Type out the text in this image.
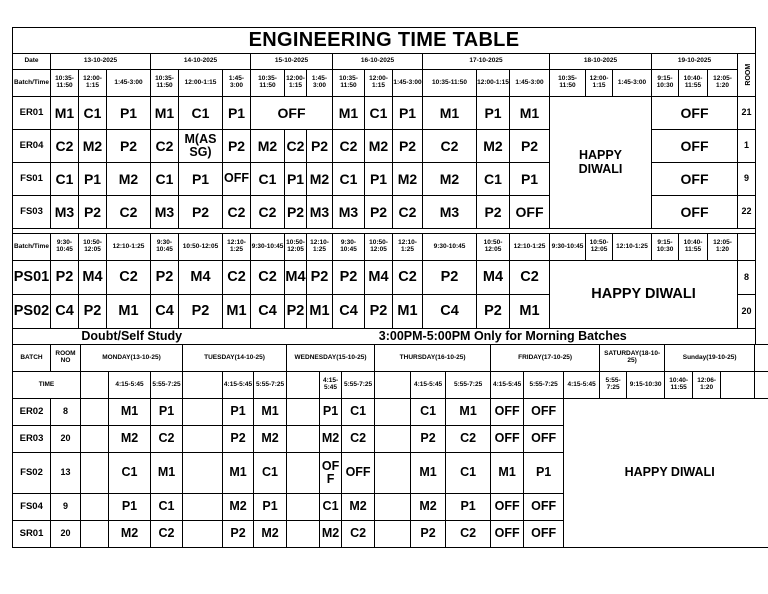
ENGINEERING TIME TABLE																						
Date	13-10-2025			14-10-2025			15-10-2025			16-10-2025			17-10-2025			18-10-2025			19-10-2025			ROOM
Batch/Time	10:35-11:50	12:00-1:15	1:45-3:00	10:35-11:50	12:00-1:15	1:45-3:00	10:35-11:50	12:00-1:15	1:45-3:00	10:35-11:50	12:00-1:15	1:45-3:00	10:35-11:50	12:00-1:15	1:45-3:00	10:35-11:50	12:00-1:15	1:45-3:00	9:15-10:30	10:40-11:55	12:05-1:20	
ER01	M1	C1	P1	M1	C1	P1	OFF			M1	C1	P1	M1	P1	M1	HAPPY DIWALI			OFF			21
ER04	C2	M2	P2	C2	M(AS SG)	P2	M2	C2	P2	C2	M2	P2	C2	M2	P2				OFF			1
FS01	C1	P1	M2	C1	P1	OFF	C1	P1	M2	C1	P1	M2	M2	C1	P1				OFF			9
FS03	M3	P2	C2	M3	P2	C2	C2	P2	M3	M3	P2	C2	M3	P2	OFF				OFF			22

Batch/Time	9:30-10:45	10:50-12:05	12:10-1:25	9:30-10:45	10:50-12:05	12:10-1:25	9:30-10:45	10:50-12:05	12:10-1:25	9:30-10:45	10:50-12:05	12:10-1:25	9:30-10:45	10:50-12:05	12:10-1:25	9:30-10:45	10:50-12:05	12:10-1:25	9:15-10:30	10:40-11:55	12:05-1:20	
PS01	P2	M4	C2	P2	M4	C2	C2	M4	P2	P2	M4	C2	P2	M4	C2	HAPPY DIWALI						8
PS02	C4	P2	M1	C4	P2	M1	C4	P2	M1	C4	P2	M1	C4	P2	M1							20
Doubt/Self Study							3:00PM-5:00PM Only for Morning Batches															
BATCH	ROOM NO	MONDAY(13-10-25)			TUESDAY(14-10-25)			WEDNESDAY(15-10-25)			THURSDAY(16-10-25)			FRIDAY(17-10-25)			SATURDAY(18-10-25)		Sunday(19-10-25)			
TIME			4:15-5:45	5:55-7:25		4:15-5:45	5:55-7:25		4:15-5:45	5:55-7:25		4:15-5:45	5:55-7:25	4:15-5:45	5:55-7:25	4:15-5:45	5:55-7:25	9:15-10:30	10:40-11:55	12:06-1:20		
ER02	8		M1	P1		P1	M1		P1	C1		C1	M1	OFF	OFF	HAPPY DIWALI						
ER03	20		M2	C2		P2	M2		M2	C2		P2	C2	OFF	OFF							
FS02	13		C1	M1		M1	C1		OFF	OFF		M1	C1	M1	P1							
FS04	9		P1	C1		M2	P1		C1	M2		M2	P1	OFF	OFF							
SR01	20		M2	C2		P2	M2		M2	C2		P2	C2	OFF	OFF							
